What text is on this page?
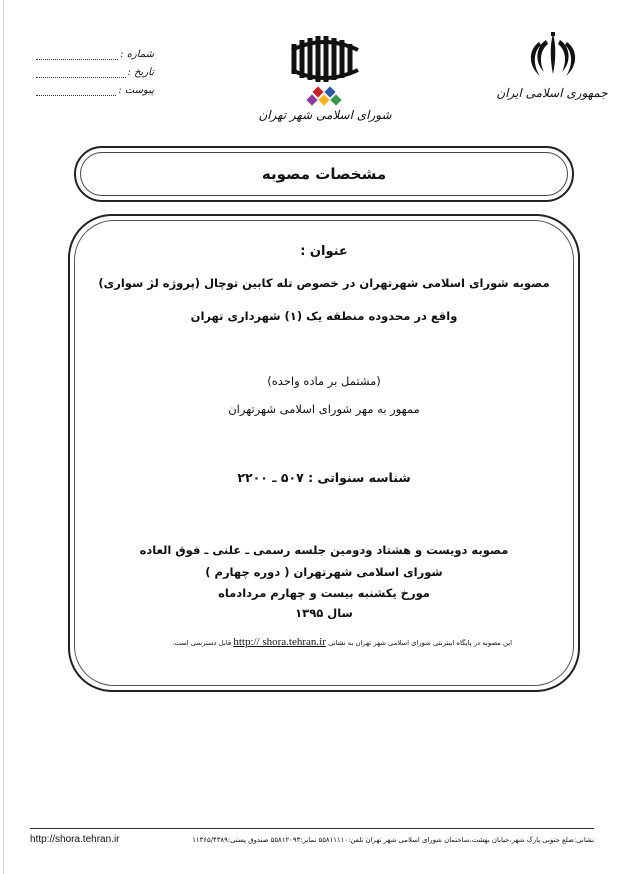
جمهوری اسلامی ایران
شورای اسلامی شهر تهران
شماره :
تاریخ :
پیوست :
مشخصات مصوبه
عنوان :
مصوبه شورای اسلامی شهرتهران در خصوص تله کابین توچال (پروژه لژ سواری)
واقع در محدوده منطقه یک (۱) شهرداری تهران
(مشتمل بر ماده واحده)
ممهور به مهر شورای اسلامی شهرتهران
شناسه سنواتی : ۵۰۷ ـ ۲۲۰۰
مصوبه دویست و هشتاد ودومین جلسه رسمی ـ علنی ـ فوق العاده
شورای اسلامی شهرتهران ( دوره چهارم )
مورخ یکشنبه بیست و چهارم مردادماه
سال ۱۳۹۵
این مصوبه در پایگاه اینترنتی شورای اسلامی شهر تهران به نشانی http:// shora.tehran.ir قابل دسترسی است.
نشانی:ضلع جنوبی پارک شهر،خیابان بهشت،ساختمان شورای اسلامی شهر تهران تلفن:۵۵۸۱۱۱۱۰ نمابر:۵۵۸۱۲۰۹۳ صندوق پستی:۱۱۳۶۵/۴۳۸۹
http://shora.tehran.ir
